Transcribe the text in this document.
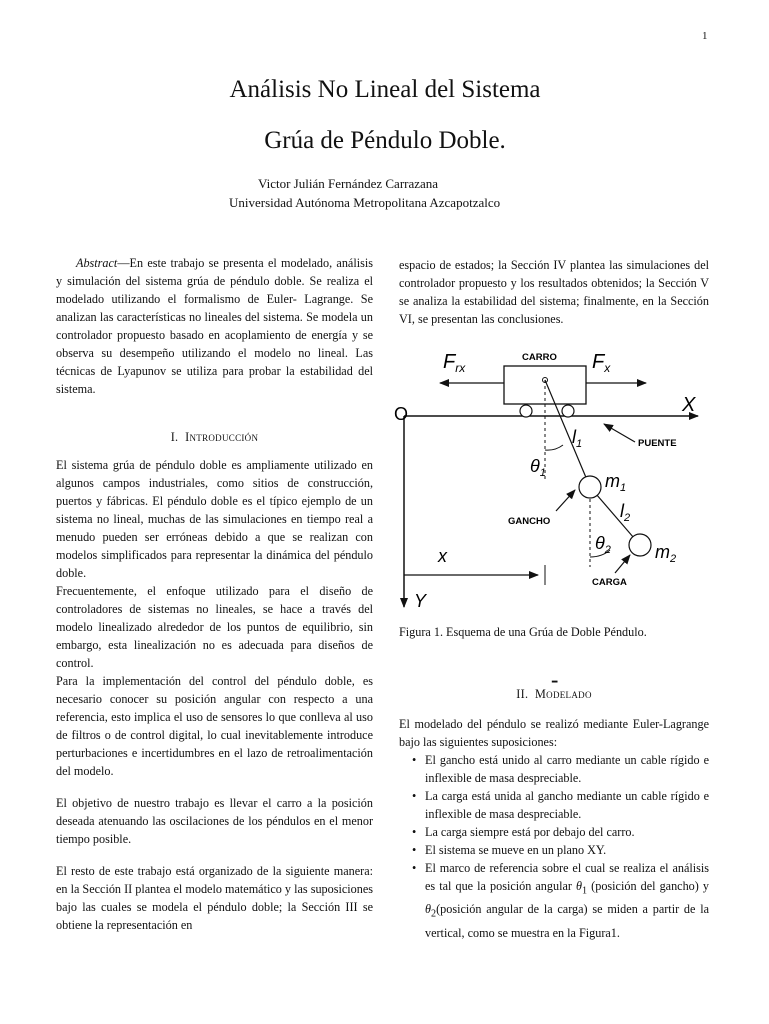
1
Análisis No Lineal del Sistema
Grúa de Péndulo Doble.
Victor Julián Fernández Carrazana
Universidad Autónoma Metropolitana Azcapotzalco

Abstract—En este trabajo se presenta el modelado, análisis y simulación del sistema grúa de péndulo doble. Se realiza el modelado utilizando el formalismo de Euler- Lagrange. Se analizan las características no lineales del sistema. Se modela un controlador propuesto basado en acoplamiento de energía y se observa su desempeño utilizando el modelo no lineal. Las técnicas de Lyapunov se utiliza para probar la estabilidad del sistema.

I. Introducción

El sistema grúa de péndulo doble es ampliamente utilizado en algunos campos industriales, como sitios de construcción, puertos y fábricas. El péndulo doble es el típico ejemplo de un sistema no lineal, muchas de las simulaciones en tiempo real a menudo pueden ser erróneas debido a que se realizan con modelos simplificados para representar la dinámica del péndulo doble.

Frecuentemente, el enfoque utilizado para el diseño de controladores de sistemas no lineales, se hace a través del modelo linealizado alrededor de los puntos de equilibrio, sin embargo, esta linealización no es adecuada para diseños de control.

Para la implementación del control del péndulo doble, es necesario conocer su posición angular con respecto a una referencia, esto implica el uso de sensores lo que conlleva al uso de filtros o de control digital, lo cual inevitablemente introduce perturbaciones e incertidumbres en el lazo de retroalimentación del modelo.

El objetivo de nuestro trabajo es llevar el carro a la posición deseada atenuando las oscilaciones de los péndulos en el menor tiempo posible.

El resto de este trabajo está organizado de la siguiente manera: en la Sección II plantea el modelo matemático y las suposiciones bajo las cuales se modela el péndulo doble; la Sección III se obtiene la representación en

espacio de estados; la Sección IV plantea las simulaciones del controlador propuesto y los resultados obtenidos; la Sección V se analiza la estabilidad del sistema; finalmente, en la Sección VI, se presentan las conclusiones.

O	X
Y
CARRO
$F_{rx}$	$F_x$
PUENTE
$l_1$
$\theta_1$	$m_1$
$l_2$
$\theta_2$ $m_2$
GANCHO
CARGA
x

Figura 1. Esquema de una Grúa de Doble Péndulo.

II. Modelado

El modelado del péndulo se realizó mediante Euler-Lagrange bajo las siguientes suposiciones:

• El gancho está unido al carro mediante un cable rígido e inflexible de masa despreciable.
• La carga está unida al gancho mediante un cable rígido e inflexible de masa despreciable.
• La carga siempre está por debajo del carro.
• El sistema se mueve en un plano XY.
• El marco de referencia sobre el cual se realiza el análisis es tal que la posición angular $\theta_1$ (posición del gancho) y $\theta_2(posición$ angular de la carga) se miden a partir de la vertical, como se muestra en la Figura1.
-
